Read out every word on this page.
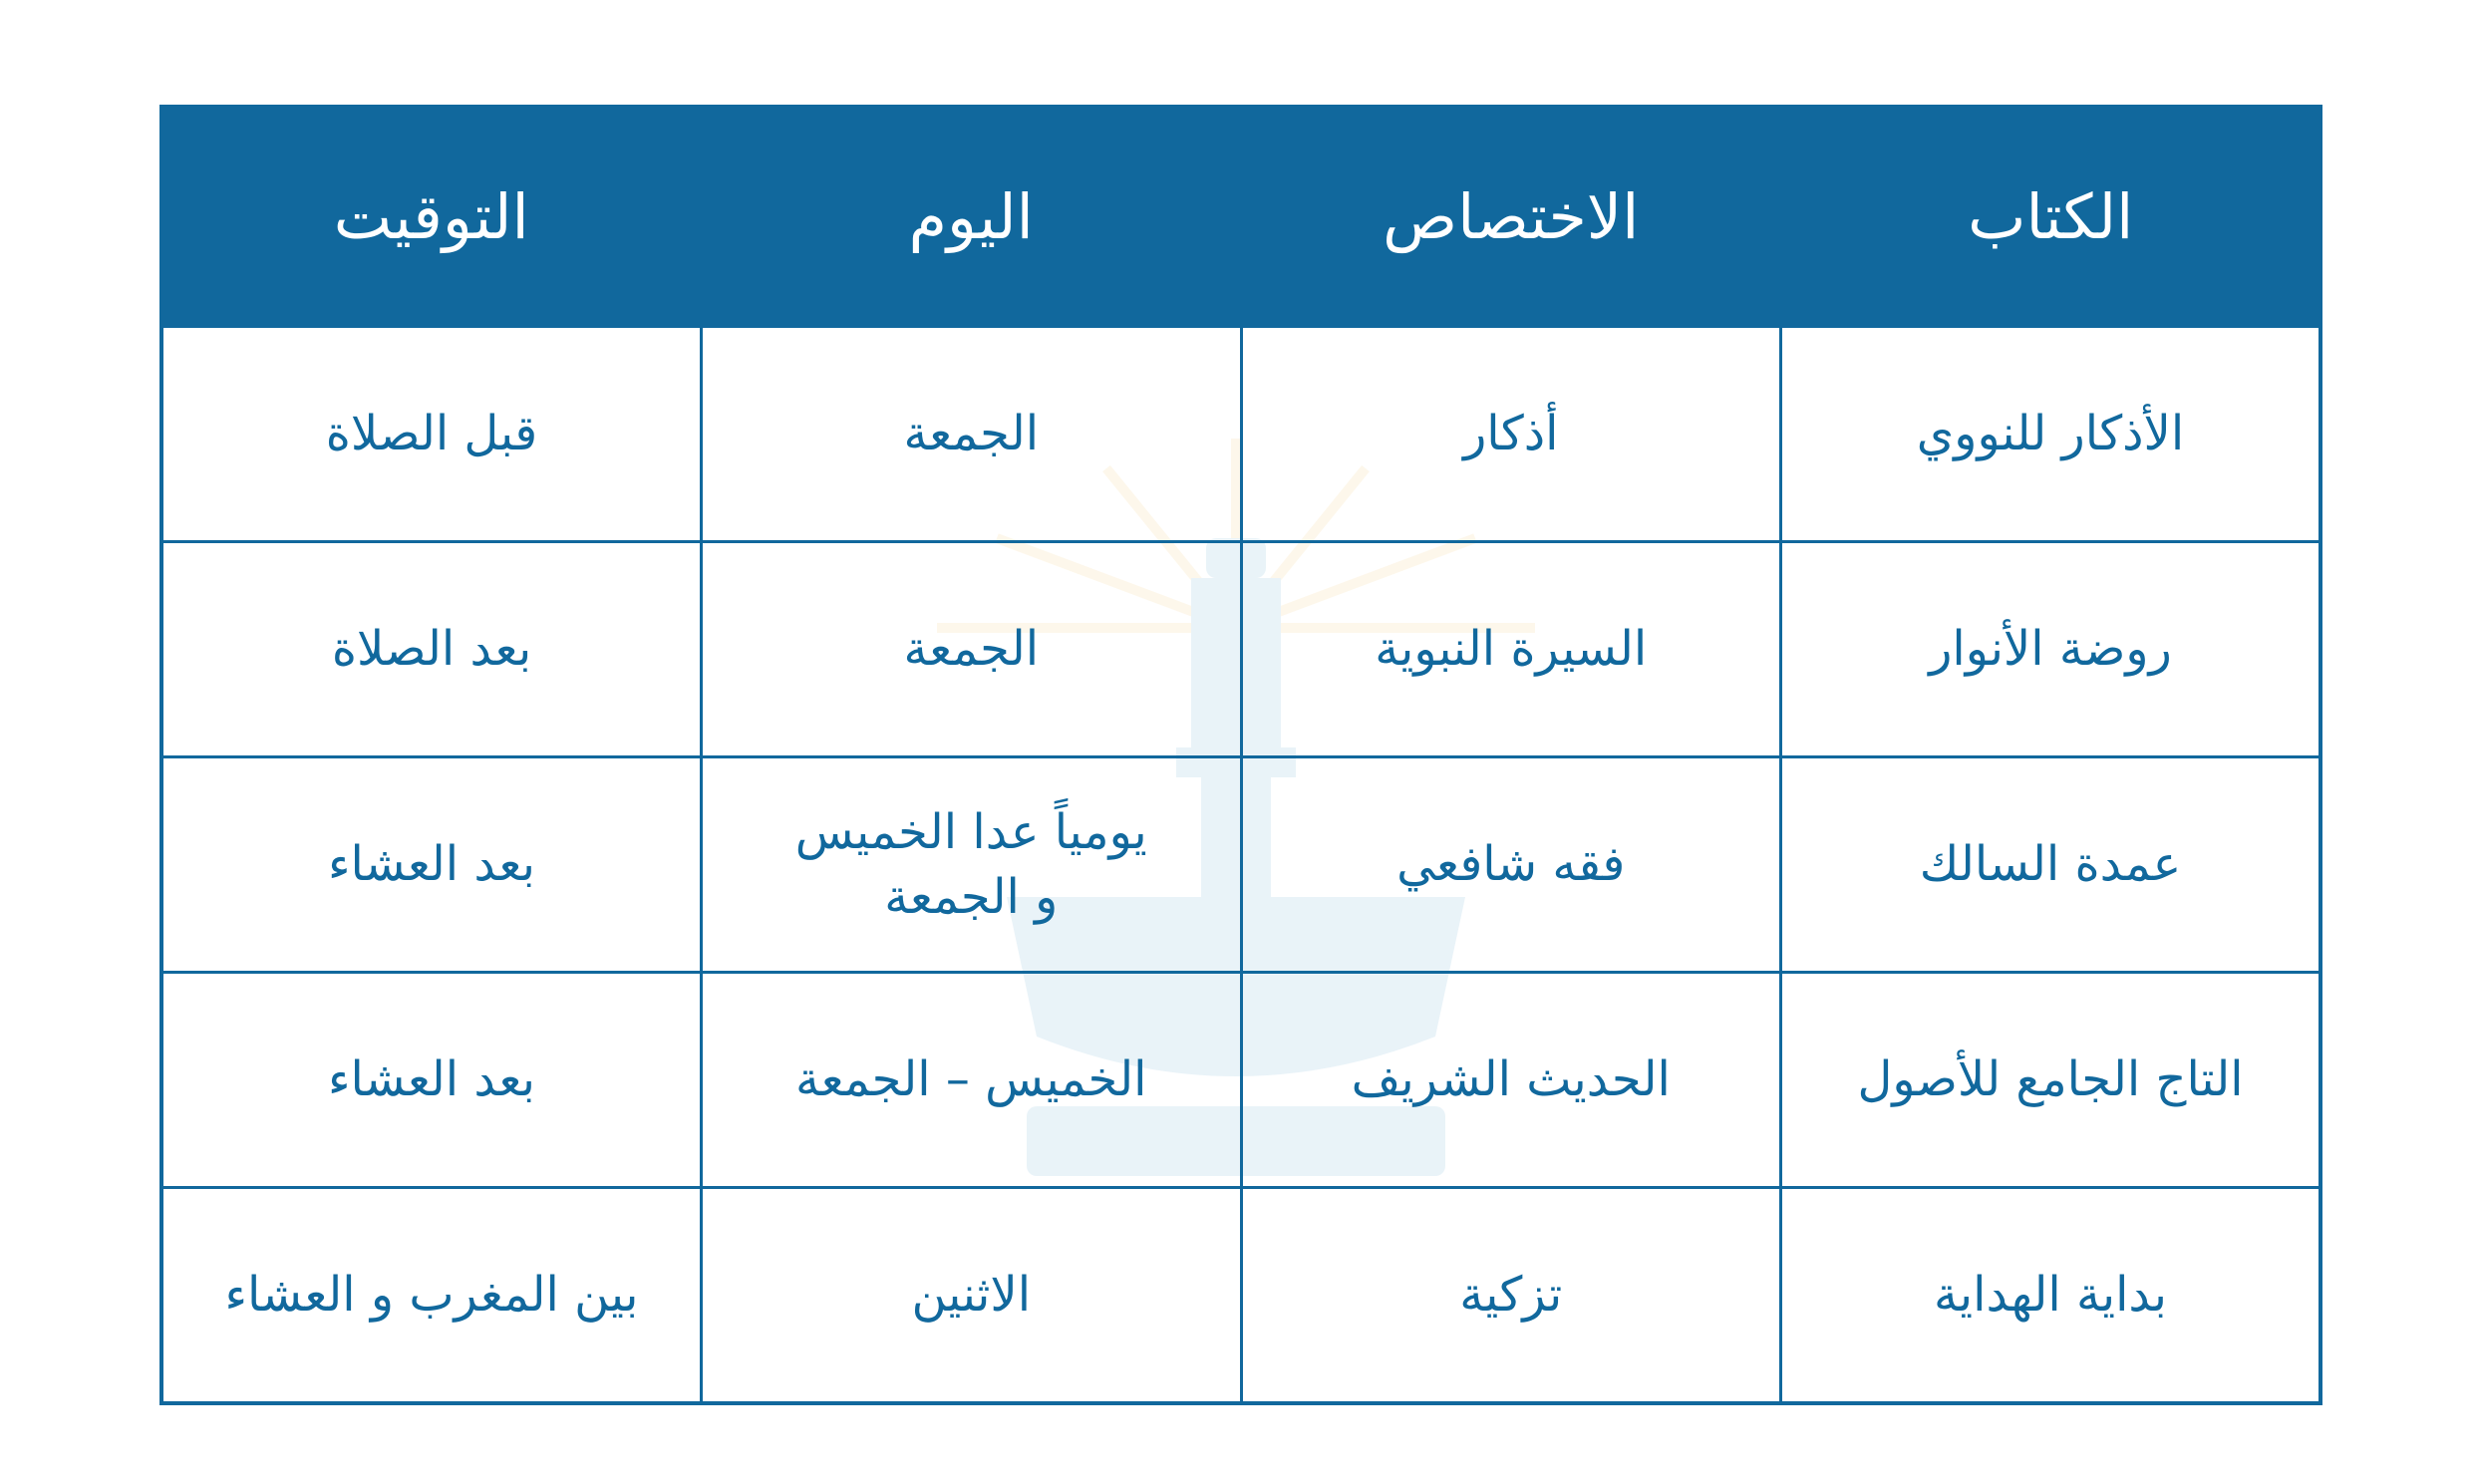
الكتاب	الاختصاص	اليوم	التوقيت
الأذكار للنووي	أذكار	الجمعة	قبل الصلاة
روضة الأنوار	السيرة النبوية	الجمعة	بعد الصلاة
عمدة السالك	فقه شافعي	يومياً عدا الخميس و الجمعة	بعد العشاء
التاج الجامع للأصول	الحديث الشريف	الخميس – الجمعة	بعد العشاء
بداية الهداية	تزكية	الاثنين	بين المغرب و العشاء
